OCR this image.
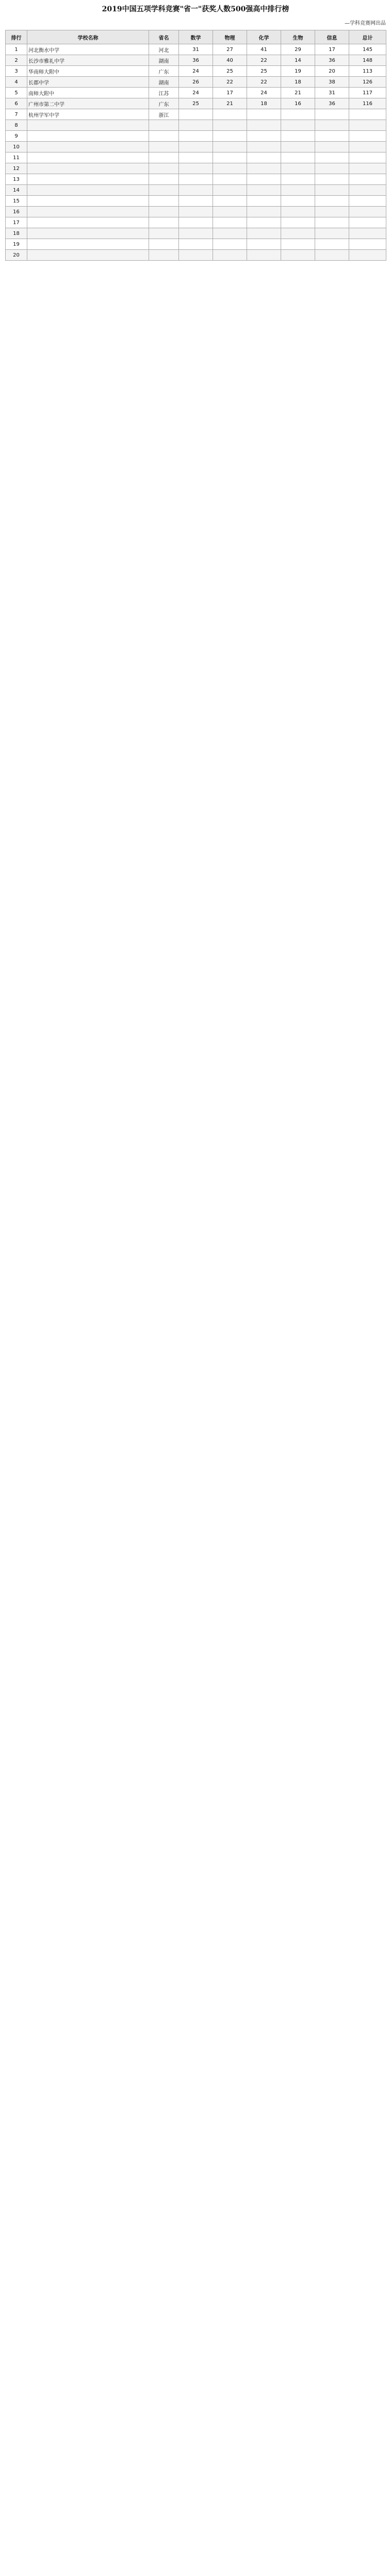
2019中国五项学科竞赛"省一"获奖人数500强高中排行榜
—学科竞赛网出品
排行	学校名称	省名	数学	物理	化学	生物	信息	总计
1	河北衡水中学	河北	31	27	41	29	17	145
2	长沙市雅礼中学	湖南	36	40	22	14	36	148
3	华南师大附中	广东	24	25	25	19	20	113
4	长郡中学	湖南	26	22	22	18	38	126
5	南师大附中	江苏	24	17	24	21	31	117
6	广州市第二中学	广东	25	21	18	16	36	116
7	杭州学军中学	浙江						
8								
9								
10								
11								
12								
13								
14								
15								
16								
17								
18								
19								
20								
